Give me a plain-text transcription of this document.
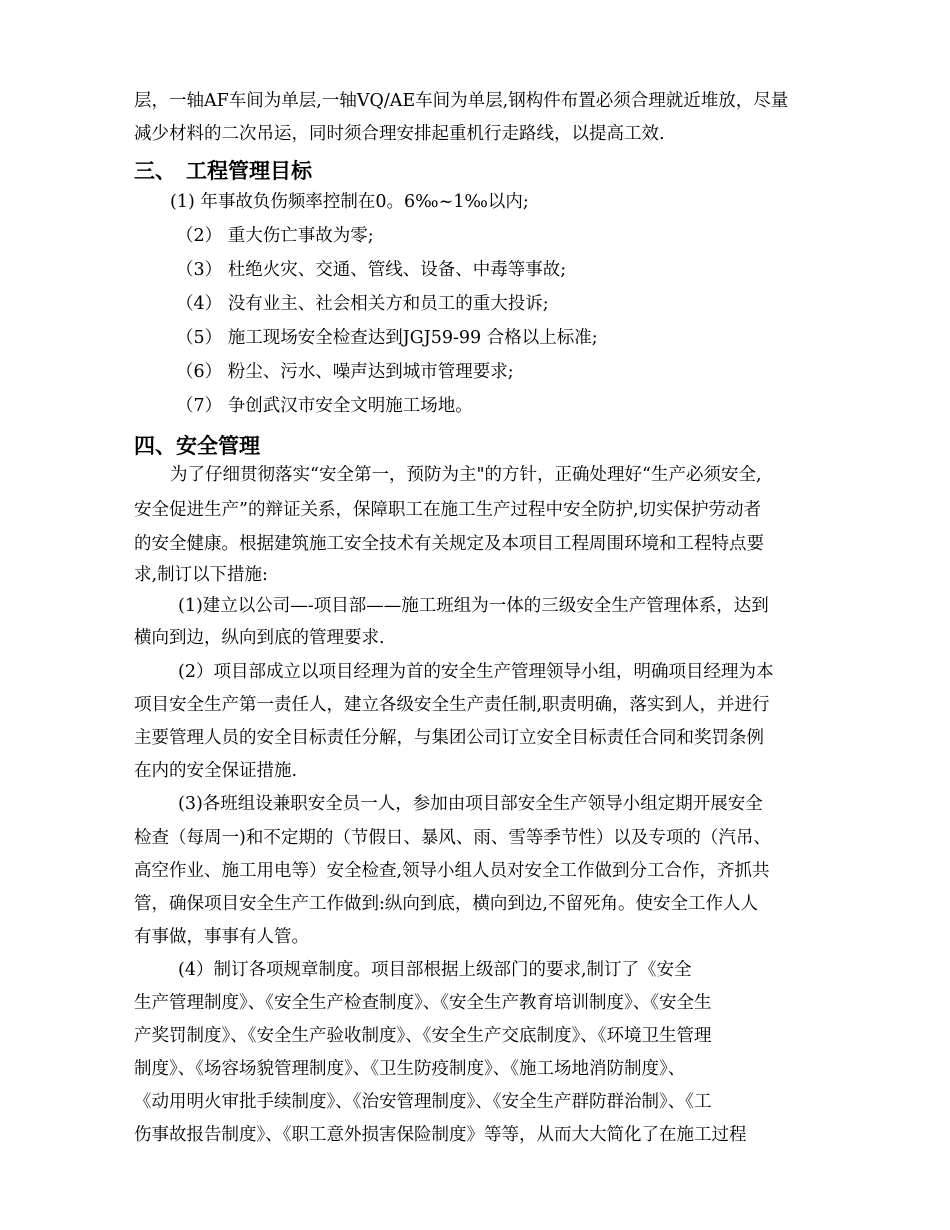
层，一轴AF车间为单层,一轴VQ/AE车间为单层,钢构件布置必须合理就近堆放，尽量
减少材料的二次吊运，同时须合理安排起重机行走路线，以提高工效.
三、 工程管理目标
(1) 年事故负伤频率控制在0。6‰~1‰以内;
（2） 重大伤亡事故为零;
（3） 杜绝火灾、交通、管线、设备、中毒等事故;
（4） 没有业主、社会相关方和员工的重大投诉;
（5） 施工现场安全检查达到JGJ59-99 合格以上标准;
（6） 粉尘、污水、噪声达到城市管理要求;
（7） 争创武汉市安全文明施工场地。
四、安全管理
为了仔细贯彻落实“安全第一，预防为主"的方针，正确处理好“生产必须安全,
安全促进生产”的辩证关系，保障职工在施工生产过程中安全防护,切实保护劳动者
的安全健康。根据建筑施工安全技术有关规定及本项目工程周围环境和工程特点要
求,制订以下措施:
(1)建立以公司—-项目部——施工班组为一体的三级安全生产管理体系，达到
横向到边，纵向到底的管理要求.
(2）项目部成立以项目经理为首的安全生产管理领导小组，明确项目经理为本
项目安全生产第一责任人，建立各级安全生产责任制,职责明确，落实到人，并进行
主要管理人员的安全目标责任分解，与集团公司订立安全目标责任合同和奖罚条例
在内的安全保证措施.
(3)各班组设兼职安全员一人，参加由项目部安全生产领导小组定期开展安全
检查（每周一)和不定期的（节假日、暴风、雨、雪等季节性）以及专项的（汽吊、
高空作业、施工用电等）安全检查,领导小组人员对安全工作做到分工合作，齐抓共
管，确保项目安全生产工作做到:纵向到底，横向到边,不留死角。使安全工作人人
有事做，事事有人管。
(4）制订各项规章制度。项目部根据上级部门的要求,制订了《安全
生产管理制度》、《安全生产检查制度》、《安全生产教育培训制度》、《安全生
产奖罚制度》、《安全生产验收制度》、《安全生产交底制度》、《环境卫生管理
制度》、《场容场貌管理制度》、《卫生防疫制度》、《施工场地消防制度》、
《动用明火审批手续制度》、《治安管理制度》、《安全生产群防群治制》、《工
伤事故报告制度》、《职工意外损害保险制度》等等，从而大大简化了在施工过程
